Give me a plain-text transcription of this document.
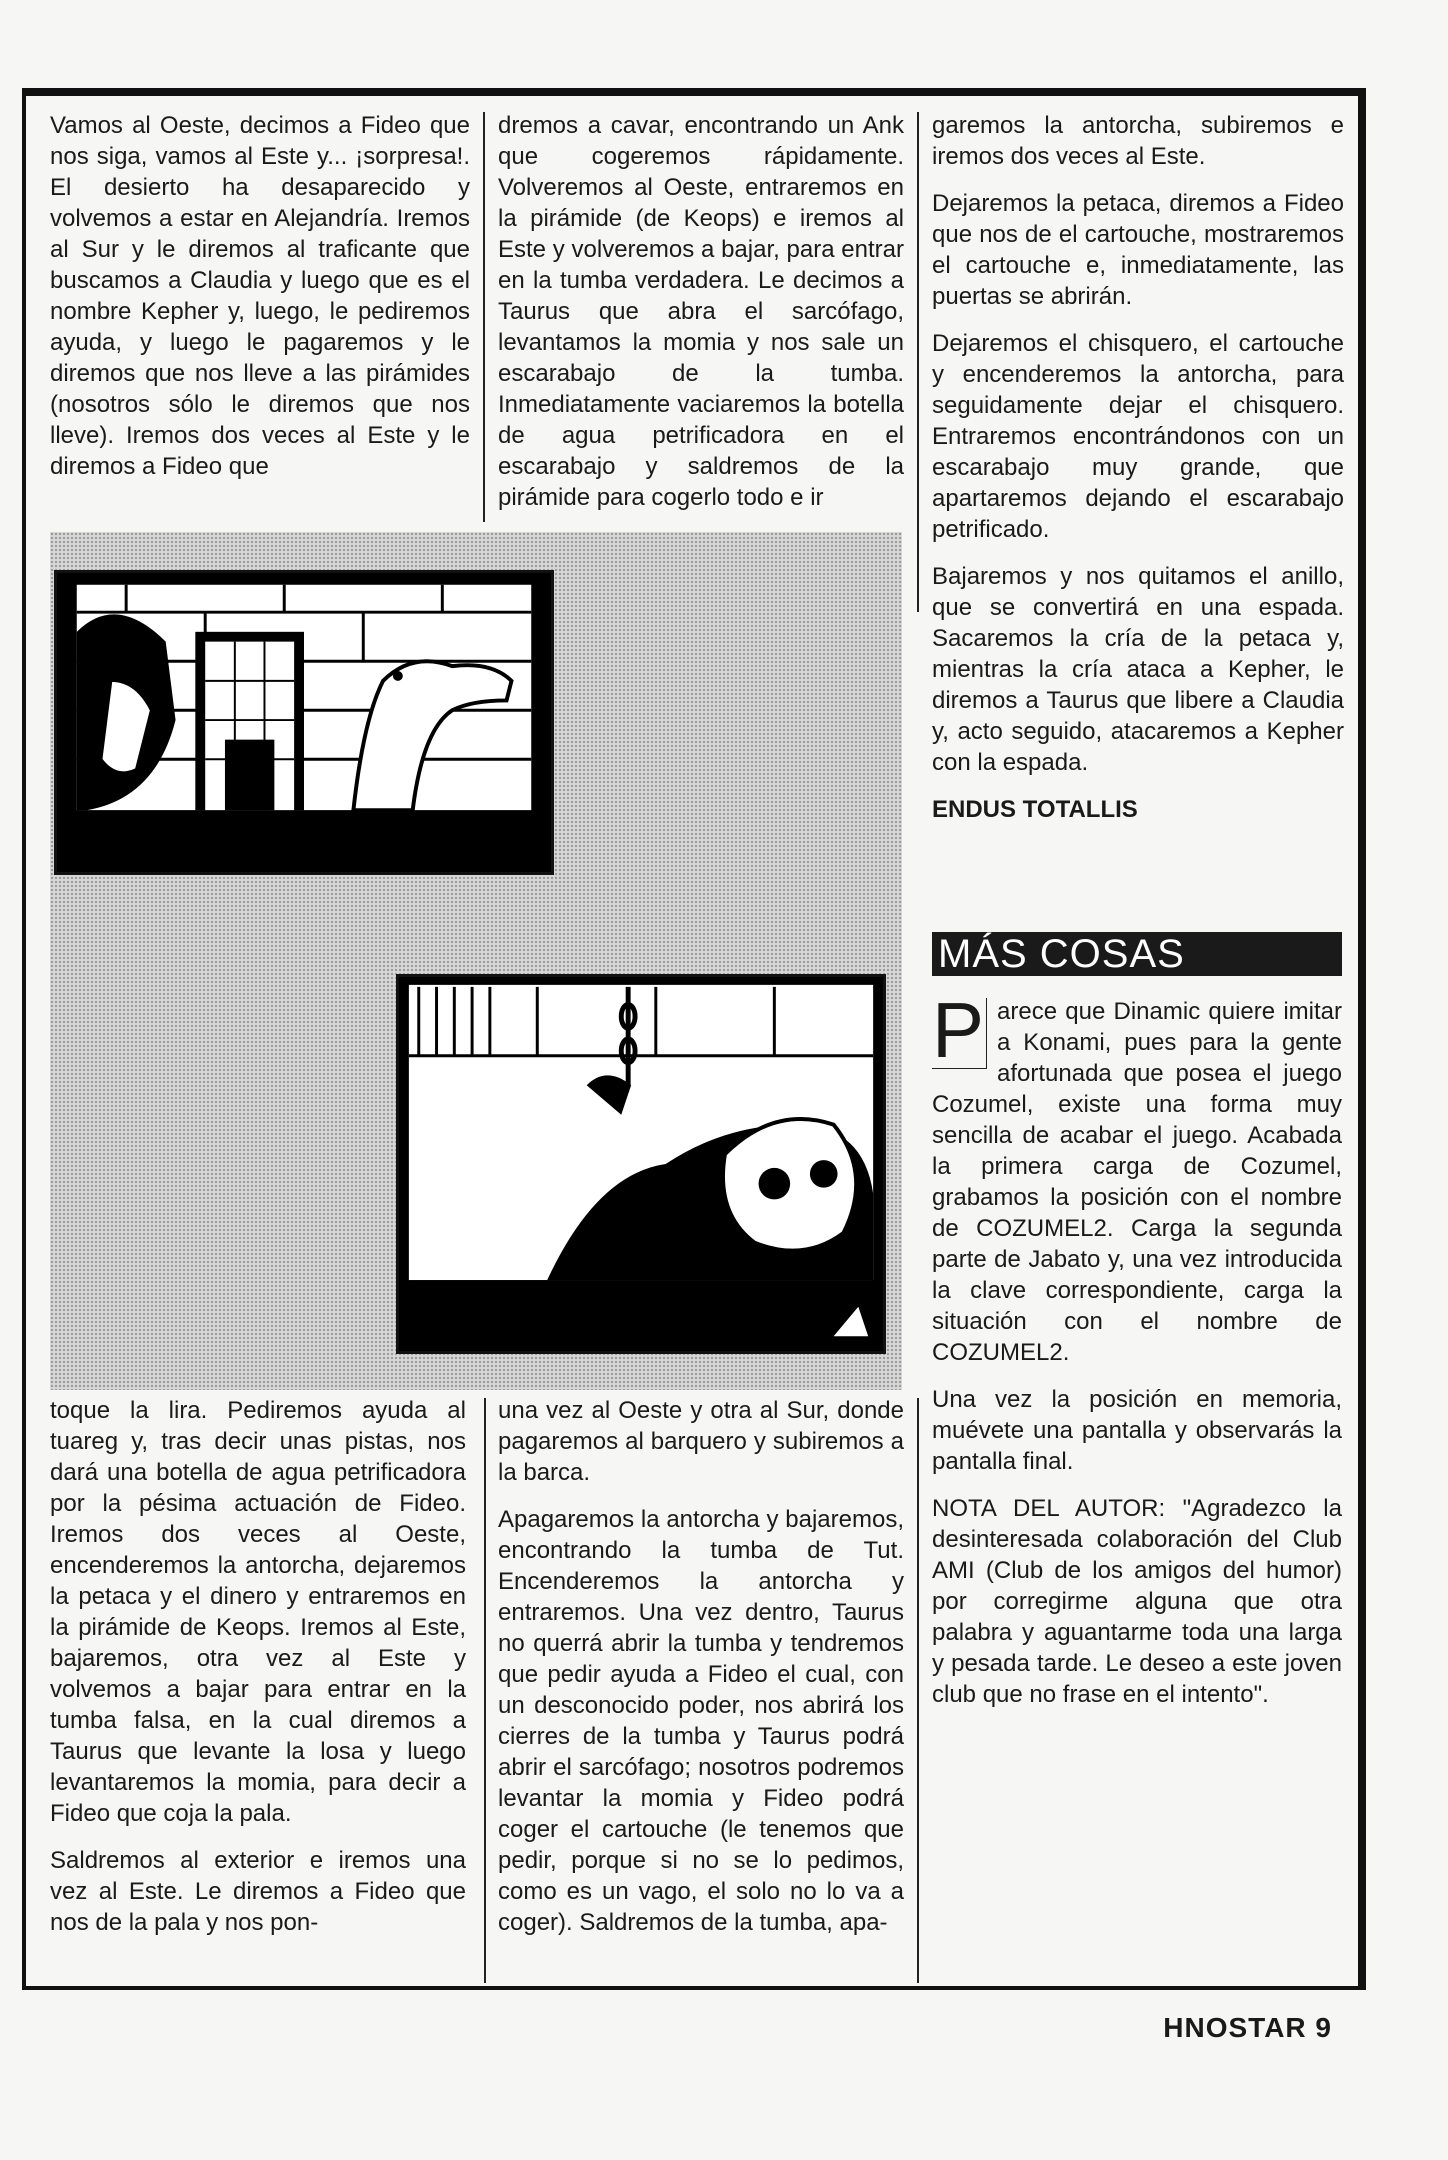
Vamos al Oeste, decimos a Fideo que nos siga, vamos al Este y... ¡sorpresa!. El desierto ha desaparecido y volvemos a estar en Alejandría. Iremos al Sur y le diremos al traficante que buscamos a Claudia y luego que es el nombre Kepher y, luego, le pediremos ayuda, y luego le pagaremos y le diremos que nos lleve a las pirámides (nosotros sólo le diremos que nos lleve). Iremos dos veces al Este y le diremos a Fideo que

dremos a cavar, encontrando un Ank que cogeremos rápidamente. Volveremos al Oeste, entraremos en la pirámide (de Keops) e iremos al Este y volveremos a bajar, para entrar en la tumba verdadera. Le decimos a Taurus que abra el sarcófago, levantamos la momia y nos sale un escarabajo de la tumba. Inmediatamente vaciaremos la botella de agua petrificadora en el escarabajo y saldremos de la pirámide para cogerlo todo e ir

garemos la antorcha, subiremos e iremos dos veces al Este.

Dejaremos la petaca, diremos a Fideo que nos de el cartouche, mostraremos el cartouche e, inmediatamente, las puertas se abrirán.

Dejaremos el chisquero, el cartouche y encenderemos la antorcha, para seguidamente dejar el chisquero. Entraremos encontrándonos con un escarabajo muy grande, que apartaremos dejando el escarabajo petrificado.

Bajaremos y nos quitamos el anillo, que se convertirá en una espada. Sacaremos la cría de la petaca y, mientras la cría ataca a Kepher, le diremos a Taurus que libere a Claudia y, acto seguido, atacaremos a Kepher con la espada.

ENDUS TOTALLIS

MÁS COSAS

P arece que Dinamic quiere imitar a Konami, pues para la gente afortunada que posea el juego Cozumel, existe una forma muy sencilla de acabar el juego. Acabada la primera carga de Cozumel, grabamos la posición con el nombre de COZUMEL2. Carga la segunda parte de Jabato y, una vez introducida la clave correspondiente, carga la situación con el nombre de COZUMEL2.

Una vez la posición en memoria, muévete una pantalla y observarás la pantalla final.

NOTA DEL AUTOR: "Agradezco la desinteresada colaboración del Club AMI (Club de los amigos del humor) por corregirme alguna que otra palabra y aguantarme toda una larga y pesada tarde. Le deseo a este joven club que no frase en el intento".

toque la lira. Pediremos ayuda al tuareg y, tras decir unas pistas, nos dará una botella de agua petrificadora por la pésima actuación de Fideo. Iremos dos veces al Oeste, encenderemos la antorcha, dejaremos la petaca y el dinero y entraremos en la pirámide de Keops. Iremos al Este, bajaremos, otra vez al Este y volvemos a bajar para entrar en la tumba falsa, en la cual diremos a Taurus que levante la losa y luego levantaremos la momia, para decir a Fideo que coja la pala.

Saldremos al exterior e iremos una vez al Este. Le diremos a Fideo que nos de la pala y nos pon-

una vez al Oeste y otra al Sur, donde pagaremos al barquero y subiremos a la barca.

Apagaremos la antorcha y bajaremos, encontrando la tumba de Tut. Encenderemos la antorcha y entraremos. Una vez dentro, Taurus no querrá abrir la tumba y tendremos que pedir ayuda a Fideo el cual, con un desconocido poder, nos abrirá los cierres de la tumba y Taurus podrá abrir el sarcófago; nosotros podremos levantar la momia y Fideo podrá coger el cartouche (le tenemos que pedir, porque si no se lo pedimos, como es un vago, el solo no lo va a coger). Saldremos de la tumba, apa-

HNOSTAR 9
